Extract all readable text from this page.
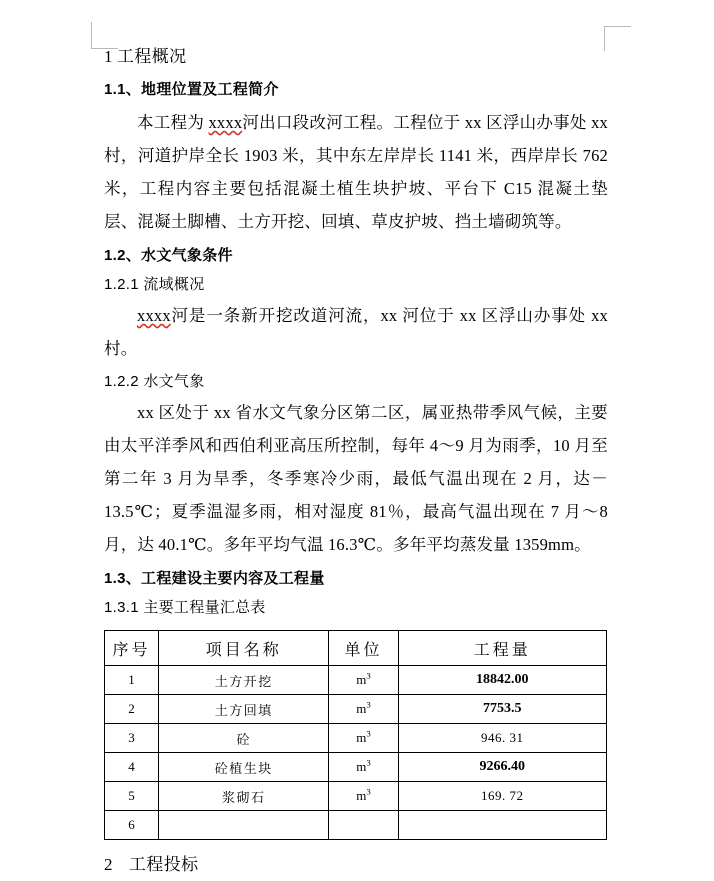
1 工程概况
1.1、地理位置及工程简介

本工程为 xxxx河出口段改河工程。工程位于 xx 区浮山办事处 xx 村，河道护岸全长 1903 米，其中东左岸岸长 1141 米，西岸岸长 762 米，工程内容主要包括混凝土植生块护坡、平台下 C15 混凝土垫层、混凝土脚槽、土方开挖、回填、草皮护坡、挡土墙砌筑等。

1.2、水文气象条件
1.2.1 流域概况

xxxx河是一条新开挖改道河流，xx 河位于 xx 区浮山办事处 xx 村。

1.2.2 水文气象

xx 区处于 xx 省水文气象分区第二区，属亚热带季风气候，主要由太平洋季风和西伯利亚高压所控制，每年 4～9 月为雨季，10 月至第二年 3 月为旱季，冬季寒冷少雨，最低气温出现在 2 月，达－13.5℃；夏季温湿多雨，相对湿度 81％，最高气温出现在 7 月～8 月，达 40.1℃。多年平均气温 16.3℃。多年平均蒸发量 1359mm。

1.3、工程建设主要内容及工程量
1.3.1 主要工程量汇总表
序号	项目名称	单位	工程量
1	土方开挖	$m^3$	18842.00
2	土方回填	$m^3$	7753.5
3	砼	$m^3$	946. 31
4	砼植生块	$m^3$	9266.40
5	浆砌石	$m^3$	169. 72
6			
2 工程投标
